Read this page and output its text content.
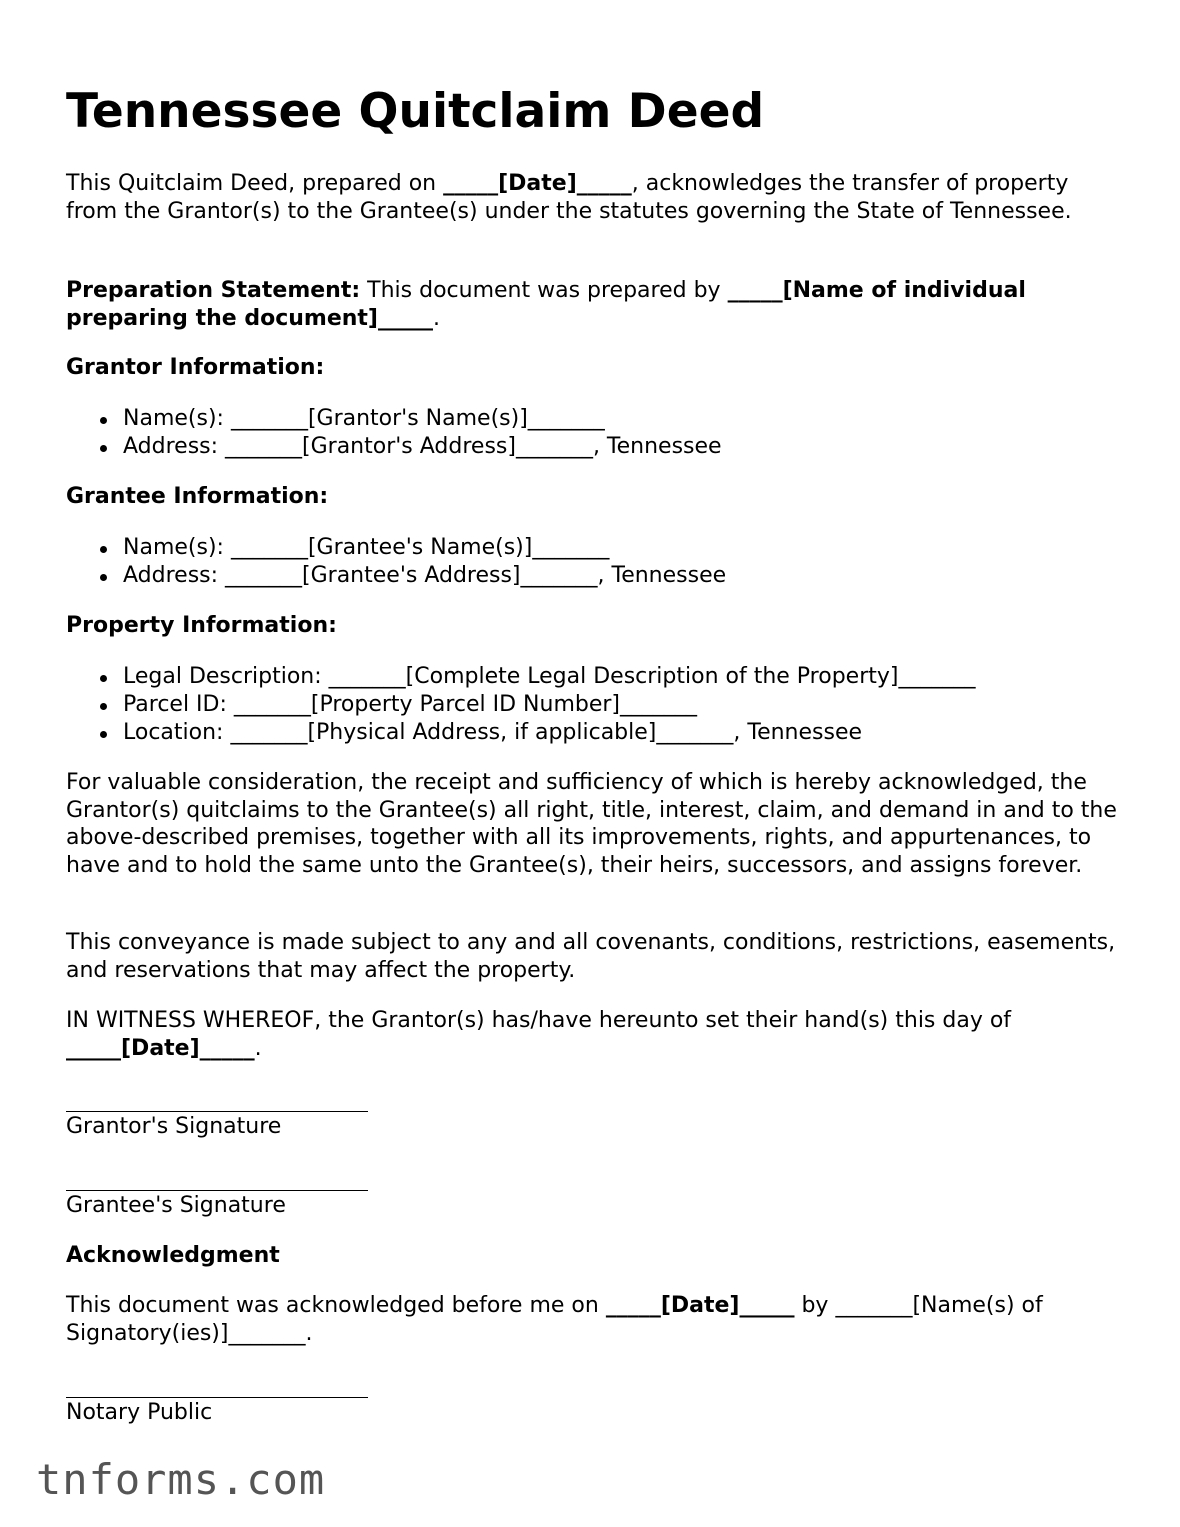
Tennessee Quitclaim Deed

This Quitclaim Deed, prepared on _____[Date]_____, acknowledges the transfer of property from the Grantor(s) to the Grantee(s) under the statutes governing the State of Tennessee.

Preparation Statement: This document was prepared by _____[Name of individual preparing the document]_____.

Grantor Information:

Name(s): _______[Grantor's Name(s)]_______
Address: _______[Grantor's Address]_______, Tennessee

Grantee Information:

Name(s): _______[Grantee's Name(s)]_______
Address: _______[Grantee's Address]_______, Tennessee

Property Information:

Legal Description: _______[Complete Legal Description of the Property]_______
Parcel ID: _______[Property Parcel ID Number]_______
Location: _______[Physical Address, if applicable]_______, Tennessee

For valuable consideration, the receipt and sufficiency of which is hereby acknowledged, the Grantor(s) quitclaims to the Grantee(s) all right, title, interest, claim, and demand in and to the above-described premises, together with all its improvements, rights, and appurtenances, to have and to hold the same unto the Grantee(s), their heirs, successors, and assigns forever.

This conveyance is made subject to any and all covenants, conditions, restrictions, easements, and reservations that may affect the property.

IN WITNESS WHEREOF, the Grantor(s) has/have hereunto set their hand(s) this day of _____[Date]_____.

Grantor's Signature
Grantee's Signature

Acknowledgment

This document was acknowledged before me on _____[Date]_____ by _______[Name(s) of Signatory(ies)]_______.

Notary Public
tnforms.com
